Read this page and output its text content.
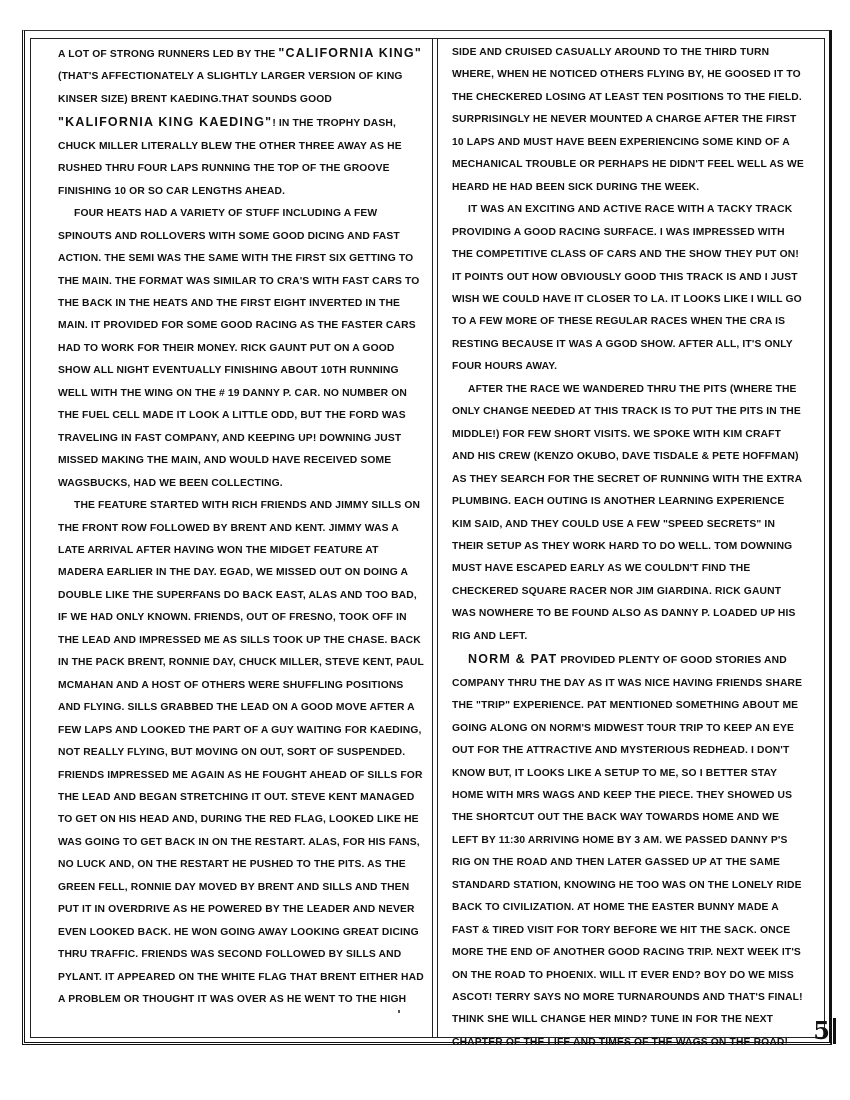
A LOT OF STRONG RUNNERS LED BY THE "CALIFORNIA KING" (THAT'S AFFECTIONATELY A SLIGHTLY LARGER VERSION OF KING KINSER SIZE) BRENT KAEDING.THAT SOUNDS GOOD "KALIFORNIA KING KAEDING"! IN THE TROPHY DASH, CHUCK MILLER LITERALLY BLEW THE OTHER THREE AWAY AS HE RUSHED THRU FOUR LAPS RUNNING THE TOP OF THE GROOVE FINISHING 10 OR SO CAR LENGTHS AHEAD.

FOUR HEATS HAD A VARIETY OF STUFF INCLUDING A FEW SPINOUTS AND ROLLOVERS WITH SOME GOOD DICING AND FAST ACTION. THE SEMI WAS THE SAME WITH THE FIRST SIX GETTING TO THE MAIN. THE FORMAT WAS SIMILAR TO CRA'S WITH FAST CARS TO THE BACK IN THE HEATS AND THE FIRST EIGHT INVERTED IN THE MAIN. IT PROVIDED FOR SOME GOOD RACING AS THE FASTER CARS HAD TO WORK FOR THEIR MONEY. RICK GAUNT PUT ON A GOOD SHOW ALL NIGHT EVENTUALLY FINISHING ABOUT 10TH RUNNING WELL WITH THE WING ON THE # 19 DANNY P. CAR. NO NUMBER ON THE FUEL CELL MADE IT LOOK A LITTLE ODD, BUT THE FORD WAS TRAVELING IN FAST COMPANY, AND KEEPING UP! DOWNING JUST MISSED MAKING THE MAIN, AND WOULD HAVE RECEIVED SOME WAGSBUCKS, HAD WE BEEN COLLECTING.

THE FEATURE STARTED WITH RICH FRIENDS AND JIMMY SILLS ON THE FRONT ROW FOLLOWED BY BRENT AND KENT. JIMMY WAS A LATE ARRIVAL AFTER HAVING WON THE MIDGET FEATURE AT MADERA EARLIER IN THE DAY. EGAD, WE MISSED OUT ON DOING A DOUBLE LIKE THE SUPERFANS DO BACK EAST, ALAS AND TOO BAD, IF WE HAD ONLY KNOWN. FRIENDS, OUT OF FRESNO, TOOK OFF IN THE LEAD AND IMPRESSED ME AS SILLS TOOK UP THE CHASE. BACK IN THE PACK BRENT, RONNIE DAY, CHUCK MILLER, STEVE KENT, PAUL MCMAHAN AND A HOST OF OTHERS WERE SHUFFLING POSITIONS AND FLYING. SILLS GRABBED THE LEAD ON A GOOD MOVE AFTER A FEW LAPS AND LOOKED THE PART OF A GUY WAITING FOR KAEDING, NOT REALLY FLYING, BUT MOVING ON OUT, SORT OF SUSPENDED. FRIENDS IMPRESSED ME AGAIN AS HE FOUGHT AHEAD OF SILLS FOR THE LEAD AND BEGAN STRETCHING IT OUT. STEVE KENT MANAGED TO GET ON HIS HEAD AND, DURING THE RED FLAG, LOOKED LIKE HE WAS GOING TO GET BACK IN ON THE RESTART. ALAS, FOR HIS FANS, NO LUCK AND, ON THE RESTART HE PUSHED TO THE PITS. AS THE GREEN FELL, RONNIE DAY MOVED BY BRENT AND SILLS AND THEN PUT IT IN OVERDRIVE AS HE POWERED BY THE LEADER AND NEVER EVEN LOOKED BACK. HE WON GOING AWAY LOOKING GREAT DICING THRU TRAFFIC. FRIENDS WAS SECOND FOLLOWED BY SILLS AND PYLANT. IT APPEARED ON THE WHITE FLAG THAT BRENT EITHER HAD A PROBLEM OR THOUGHT IT WAS OVER AS HE WENT TO THE HIGH

SIDE AND CRUISED CASUALLY AROUND TO THE THIRD TURN WHERE, WHEN HE NOTICED OTHERS FLYING BY, HE GOOSED IT TO THE CHECKERED LOSING AT LEAST TEN POSITIONS TO THE FIELD. SURPRISINGLY HE NEVER MOUNTED A CHARGE AFTER THE FIRST 10 LAPS AND MUST HAVE BEEN EXPERIENCING SOME KIND OF A MECHANICAL TROUBLE OR PERHAPS HE DIDN'T FEEL WELL AS WE HEARD HE HAD BEEN SICK DURING THE WEEK.

IT WAS AN EXCITING AND ACTIVE RACE WITH A TACKY TRACK PROVIDING A GOOD RACING SURFACE. I WAS IMPRESSED WITH THE COMPETITIVE CLASS OF CARS AND THE SHOW THEY PUT ON! IT POINTS OUT HOW OBVIOUSLY GOOD THIS TRACK IS AND I JUST WISH WE COULD HAVE IT CLOSER TO LA. IT LOOKS LIKE I WILL GO TO A FEW MORE OF THESE REGULAR RACES WHEN THE CRA IS RESTING BECAUSE IT WAS A GGOD SHOW. AFTER ALL, IT'S ONLY FOUR HOURS AWAY.

AFTER THE RACE WE WANDERED THRU THE PITS (WHERE THE ONLY CHANGE NEEDED AT THIS TRACK IS TO PUT THE PITS IN THE MIDDLE!) FOR FEW SHORT VISITS. WE SPOKE WITH KIM CRAFT AND HIS CREW (KENZO OKUBO, DAVE TISDALE & PETE HOFFMAN) AS THEY SEARCH FOR THE SECRET OF RUNNING WITH THE EXTRA PLUMBING. EACH OUTING IS ANOTHER LEARNING EXPERIENCE KIM SAID, AND THEY COULD USE A FEW "SPEED SECRETS" IN THEIR SETUP AS THEY WORK HARD TO DO WELL. TOM DOWNING MUST HAVE ESCAPED EARLY AS WE COULDN'T FIND THE CHECKERED SQUARE RACER NOR JIM GIARDINA. RICK GAUNT WAS NOWHERE TO BE FOUND ALSO AS DANNY P. LOADED UP HIS RIG AND LEFT.

NORM & PAT PROVIDED PLENTY OF GOOD STORIES AND COMPANY THRU THE DAY AS IT WAS NICE HAVING FRIENDS SHARE THE "TRIP" EXPERIENCE. PAT MENTIONED SOMETHING ABOUT ME GOING ALONG ON NORM'S MIDWEST TOUR TRIP TO KEEP AN EYE OUT FOR THE ATTRACTIVE AND MYSTERIOUS REDHEAD. I DON'T KNOW BUT, IT LOOKS LIKE A SETUP TO ME, SO I BETTER STAY HOME WITH MRS WAGS AND KEEP THE PIECE. THEY SHOWED US THE SHORTCUT OUT THE BACK WAY TOWARDS HOME AND WE LEFT BY 11:30 ARRIVING HOME BY 3 AM. WE PASSED DANNY P'S RIG ON THE ROAD AND THEN LATER GASSED UP AT THE SAME STANDARD STATION, KNOWING HE TOO WAS ON THE LONELY RIDE BACK TO CIVILIZATION. AT HOME THE EASTER BUNNY MADE A FAST & TIRED VISIT FOR TORY BEFORE WE HIT THE SACK. ONCE MORE THE END OF ANOTHER GOOD RACING TRIP. NEXT WEEK IT'S ON THE ROAD TO PHOENIX. WILL IT EVER END? BOY DO WE MISS ASCOT! TERRY SAYS NO MORE TURNAROUNDS AND THAT'S FINAL! THINK SHE WILL CHANGE HER MIND? TUNE IN FOR THE NEXT CHAPTER OF THE LIFE AND TIMES OF THE WAGS ON THE ROAD!	5
